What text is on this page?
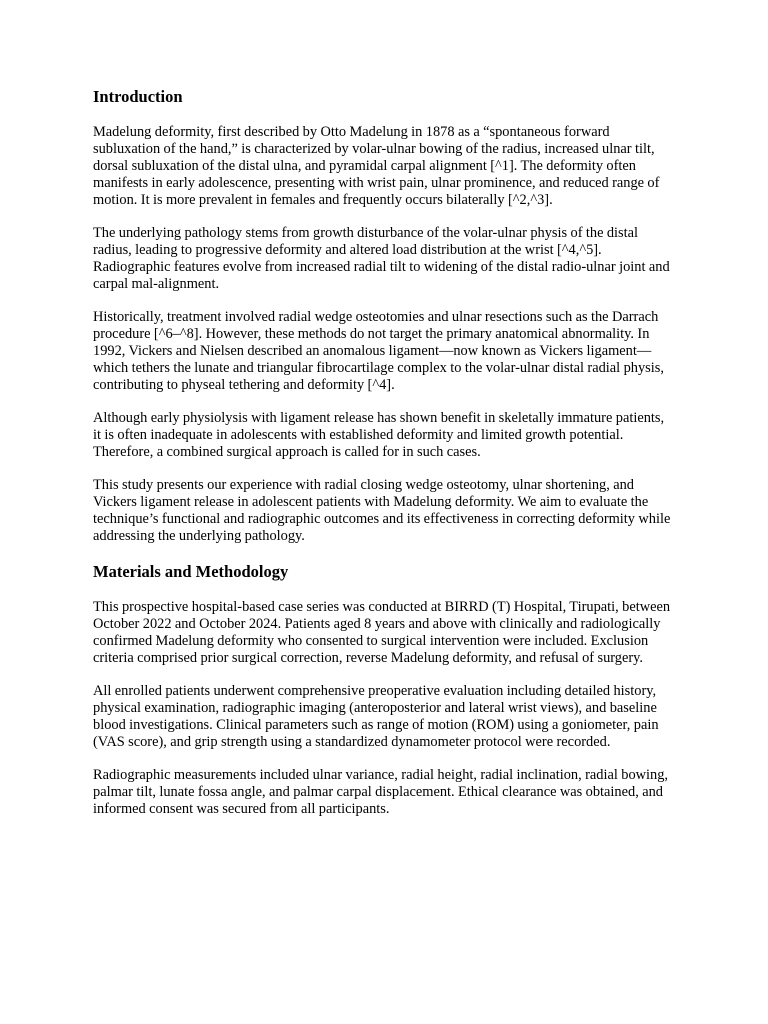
Introduction

Madelung deformity, first described by Otto Madelung in 1878 as a “spontaneous forward subluxation of the hand,” is characterized by volar-ulnar bowing of the radius, increased ulnar tilt, dorsal subluxation of the distal ulna, and pyramidal carpal alignment [^1]. The deformity often manifests in early adolescence, presenting with wrist pain, ulnar prominence, and reduced range of motion. It is more prevalent in females and frequently occurs bilaterally [^2,^3].

The underlying pathology stems from growth disturbance of the volar-ulnar physis of the distal radius, leading to progressive deformity and altered load distribution at the wrist [^4,^5]. Radiographic features evolve from increased radial tilt to widening of the distal radio-ulnar joint and carpal mal-alignment.

Historically, treatment involved radial wedge osteotomies and ulnar resections such as the Darrach procedure [^6–^8]. However, these methods do not target the primary anatomical abnormality. In 1992, Vickers and Nielsen described an anomalous ligament—now known as Vickers ligament—which tethers the lunate and triangular fibrocartilage complex to the volar-ulnar distal radial physis, contributing to physeal tethering and deformity [^4].

Although early physiolysis with ligament release has shown benefit in skeletally immature patients, it is often inadequate in adolescents with established deformity and limited growth potential. Therefore, a combined surgical approach is called for in such cases.

This study presents our experience with radial closing wedge osteotomy, ulnar shortening, and Vickers ligament release in adolescent patients with Madelung deformity. We aim to evaluate the technique’s functional and radiographic outcomes and its effectiveness in correcting deformity while addressing the underlying pathology.

Materials and Methodology

This prospective hospital-based case series was conducted at BIRRD (T) Hospital, Tirupati, between October 2022 and October 2024. Patients aged 8 years and above with clinically and radiologically confirmed Madelung deformity who consented to surgical intervention were included. Exclusion criteria comprised prior surgical correction, reverse Madelung deformity, and refusal of surgery.

All enrolled patients underwent comprehensive preoperative evaluation including detailed history, physical examination, radiographic imaging (anteroposterior and lateral wrist views), and baseline blood investigations. Clinical parameters such as range of motion (ROM) using a goniometer, pain (VAS score), and grip strength using a standardized dynamometer protocol were recorded.

Radiographic measurements included ulnar variance, radial height, radial inclination, radial bowing, palmar tilt, lunate fossa angle, and palmar carpal displacement. Ethical clearance was obtained, and informed consent was secured from all participants.
